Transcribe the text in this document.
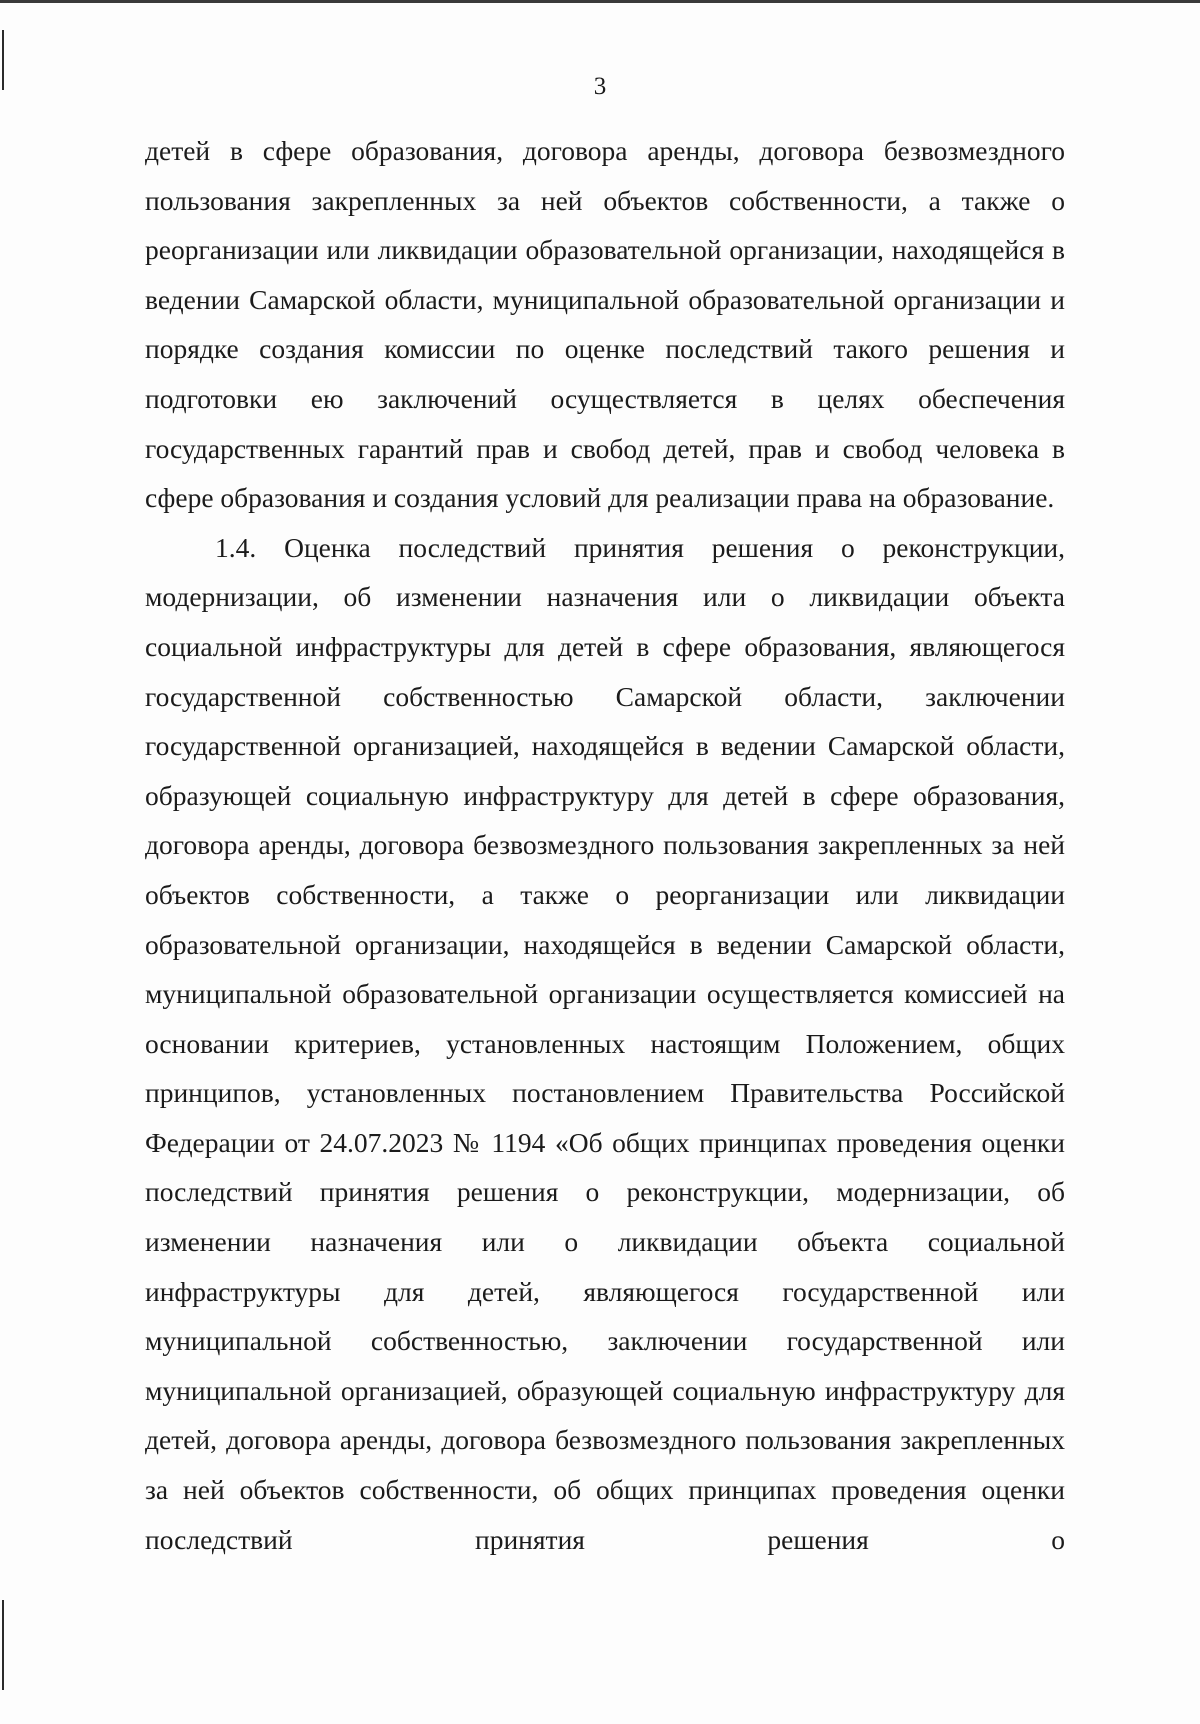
3

детей в сфере образования, договора аренды, договора безвозмездного пользования закрепленных за ней объектов собственности, а также о реорганизации или ликвидации образовательной организации, находящейся в ведении Самарской области, муниципальной образовательной организации и порядке создания комиссии по оценке последствий такого решения и подготовки ею заключений осуществляется в целях обеспечения государственных гарантий прав и свобод детей, прав и свобод человека в сфере образования и создания условий для реализации права на образование.

1.4. Оценка последствий принятия решения о реконструкции, модернизации, об изменении назначения или о ликвидации объекта социальной инфраструктуры для детей в сфере образования, являющегося государственной собственностью Самарской области, заключении государственной организацией, находящейся в ведении Самарской области, образующей социальную инфраструктуру для детей в сфере образования, договора аренды, договора безвозмездного пользования закрепленных за ней объектов собственности, а также о реорганизации или ликвидации образовательной организации, находящейся в ведении Самарской области, муниципальной образовательной организации осуществляется комиссией на основании критериев, установленных настоящим Положением, общих принципов, установленных постановлением Правительства Российской Федерации от 24.07.2023 № 1194 «Об общих принципах проведения оценки последствий принятия решения о реконструкции, модернизации, об изменении назначения или о ликвидации объекта социальной инфраструктуры для детей, являющегося государственной или муниципальной собственностью, заключении государственной или муниципальной организацией, образующей социальную инфраструктуру для детей, договора аренды, договора безвозмездного пользования закрепленных за ней объектов собственности, об общих принципах проведения оценки последствий принятия решения о
